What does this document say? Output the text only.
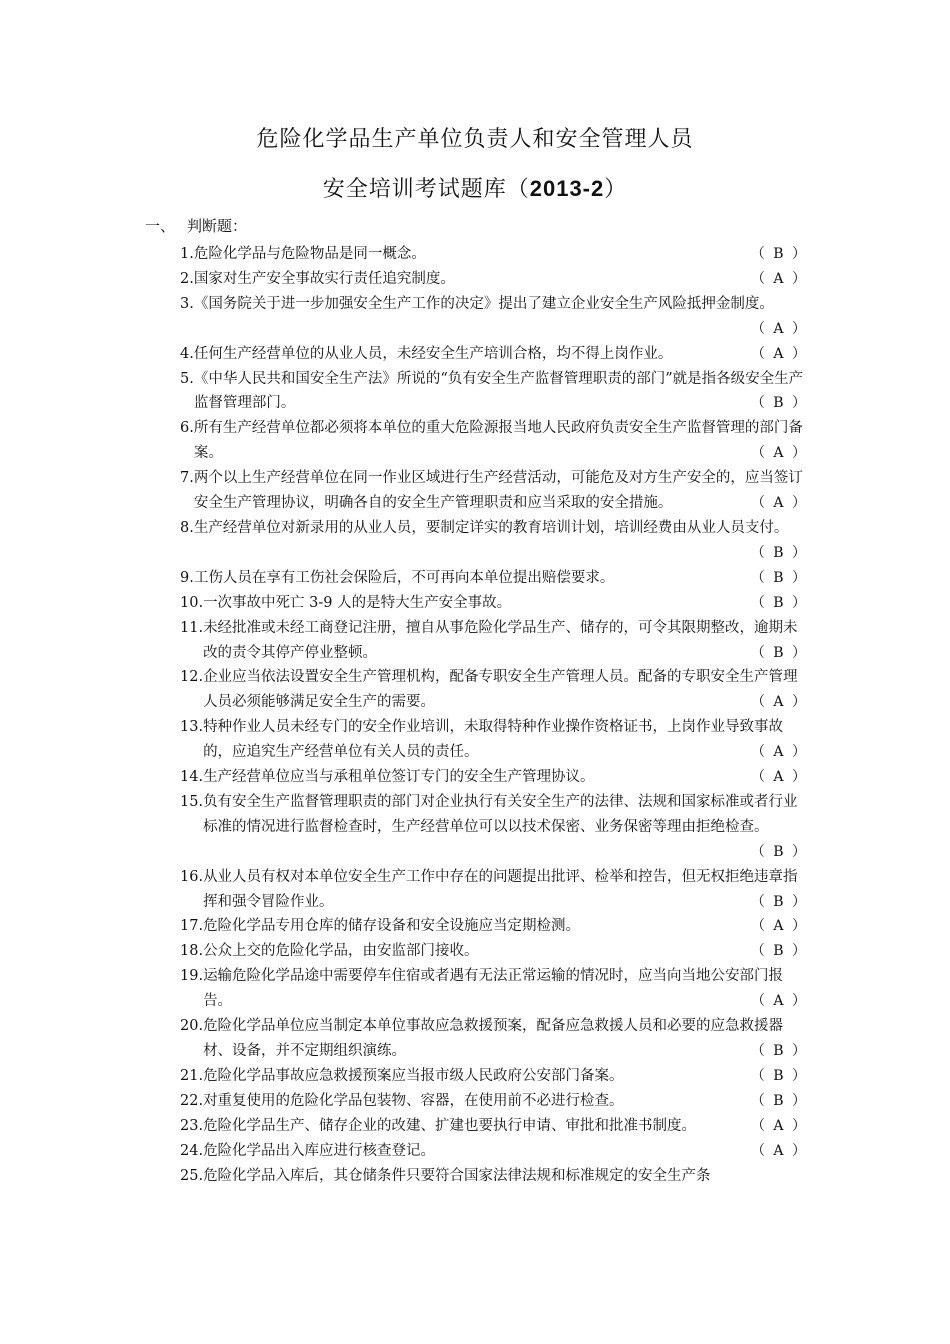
危险化学品生产单位负责人和安全管理人员
安全培训考试题库（2013-2）
一、 判断题：
1. 危险化学品与危险物品是同一概念。	（ B ）
2. 国家对生产安全事故实行责任追究制度。	（ A ）
3. 《国务院关于进一步加强安全生产工作的决定》提出了建立企业安全生产风险抵押金制度。
（ A ）
4. 任何生产经营单位的从业人员，未经安全生产培训合格，均不得上岗作业。	（ A ）
5. 《中华人民共和国安全生产法》所说的“负有安全生产监督管理职责的部门”就是指各级安全生产监督管理部门。	（ B ）
6. 所有生产经营单位都必须将本单位的重大危险源报当地人民政府负责安全生产监督管理的部门备案。	（ A ）
7. 两个以上生产经营单位在同一作业区域进行生产经营活动，可能危及对方生产安全的，应当签订安全生产管理协议，明确各自的安全生产管理职责和应当采取的安全措施。	（ A ）
8. 生产经营单位对新录用的从业人员，要制定详实的教育培训计划，培训经费由从业人员支付。
（ B ）
9. 工伤人员在享有工伤社会保险后，不可再向本单位提出赔偿要求。	（ B ）
10. 一次事故中死亡 3-9 人的是特大生产安全事故。	（ B ）
11. 未经批准或未经工商登记注册，擅自从事危险化学品生产、储存的，可令其限期整改，逾期未改的责令其停产停业整顿。	（ B ）
12. 企业应当依法设置安全生产管理机构，配备专职安全生产管理人员。配备的专职安全生产管理人员必须能够满足安全生产的需要。	（ A ）
13. 特种作业人员未经专门的安全作业培训，未取得特种作业操作资格证书，上岗作业导致事故的，应追究生产经营单位有关人员的责任。	（ A ）
14. 生产经营单位应当与承租单位签订专门的安全生产管理协议。	（ A ）
15. 负有安全生产监督管理职责的部门对企业执行有关安全生产的法律、法规和国家标准或者行业标准的情况进行监督检查时，生产经营单位可以以技术保密、业务保密等理由拒绝检查。
（ B ）
16. 从业人员有权对本单位安全生产工作中存在的问题提出批评、检举和控告，但无权拒绝违章指挥和强令冒险作业。	（ B ）
17. 危险化学品专用仓库的储存设备和安全设施应当定期检测。	（ A ）
18. 公众上交的危险化学品，由安监部门接收。	（ B ）
19. 运输危险化学品途中需要停车住宿或者遇有无法正常运输的情况时，应当向当地公安部门报告。	（ A ）
20. 危险化学品单位应当制定本单位事故应急救援预案，配备应急救援人员和必要的应急救援器材、设备，并不定期组织演练。	（ B ）
21. 危险化学品事故应急救援预案应当报市级人民政府公安部门备案。	（ B ）
22. 对重复使用的危险化学品包装物、容器，在使用前不必进行检查。	（ B ）
23. 危险化学品生产、储存企业的改建、扩建也要执行申请、审批和批准书制度。	（ A ）
24. 危险化学品出入库应进行核查登记。	（ A ）
25. 危险化学品入库后，其仓储条件只要符合国家法律法规和标准规定的安全生产条
